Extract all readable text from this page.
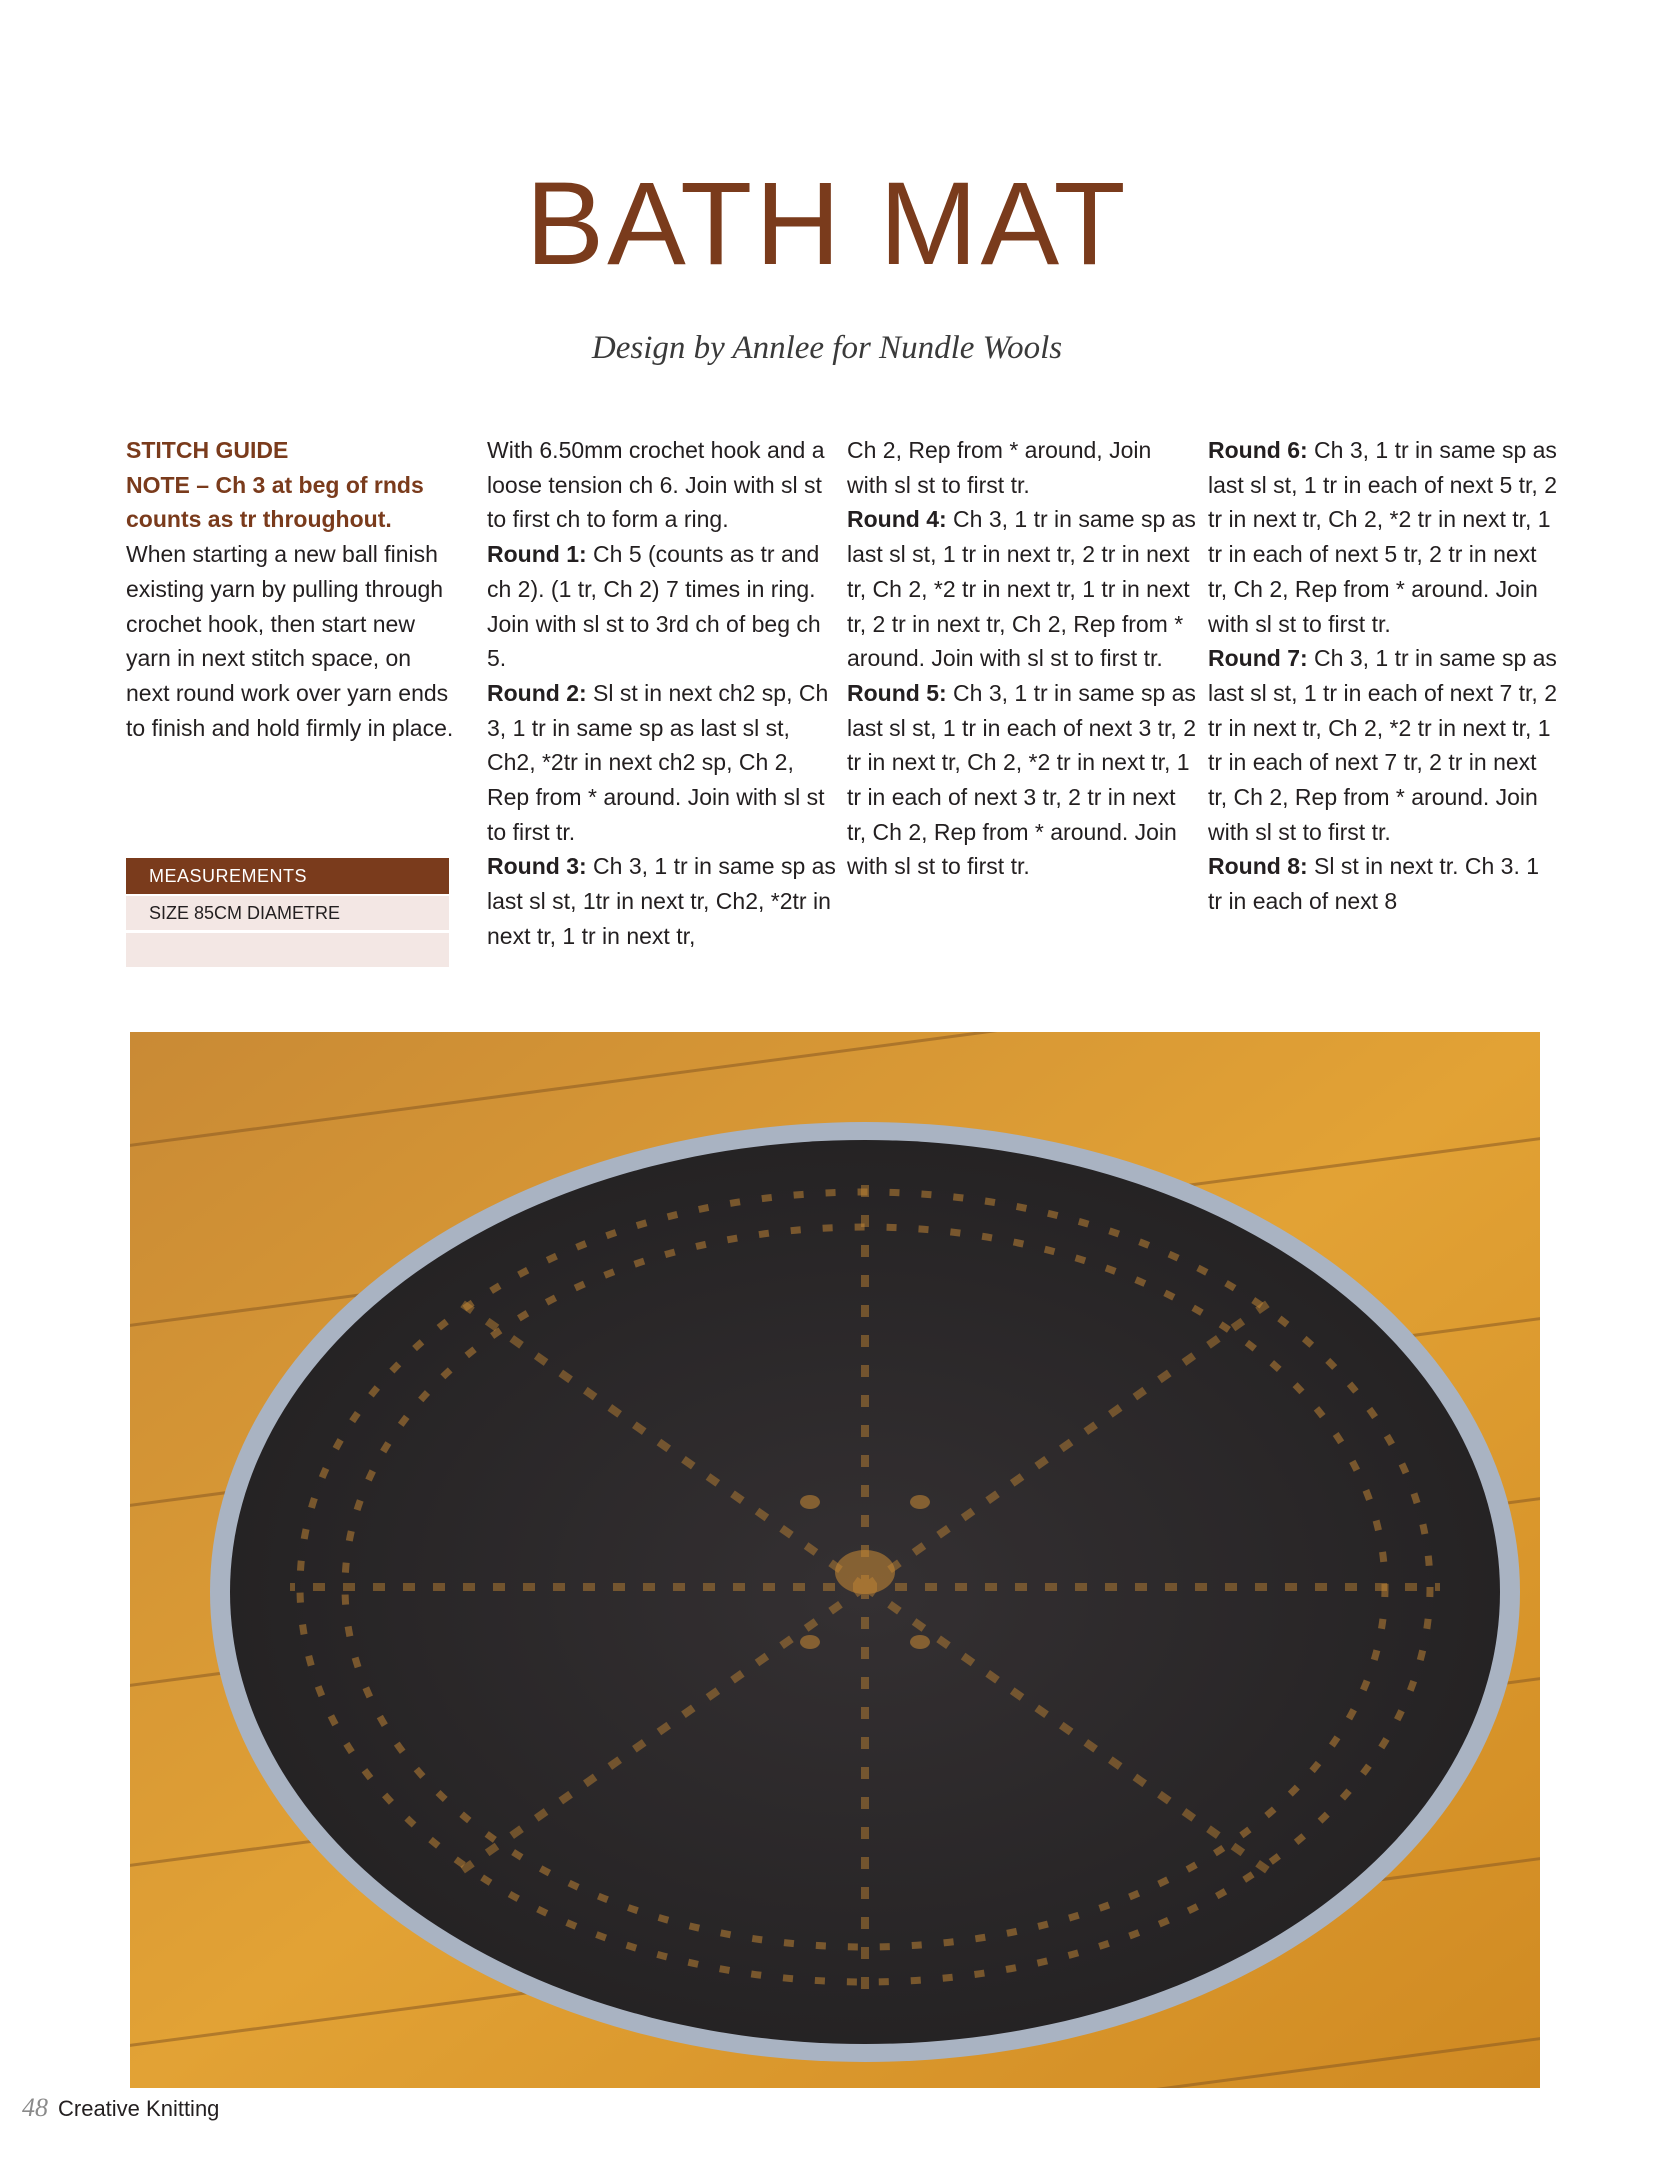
BATH MAT
Design by Annlee for Nundle Wools

STITCH GUIDE

NOTE – Ch 3 at beg of rnds counts as tr throughout.

When starting a new ball finish existing yarn by pulling through crochet hook, then start new yarn in next stitch space, on next round work over yarn ends to finish and hold firmly in place.

MEASUREMENTS
SIZE 85CM DIAMETRE

With 6.50mm crochet hook and a loose tension ch 6. Join with sl st to first ch to form a ring.

Round 1: Ch 5 (counts as tr and ch 2). (1 tr, Ch 2) 7 times in ring. Join with sl st to 3rd ch of beg ch 5.

Round 2: Sl st in next ch2 sp, Ch 3, 1 tr in same sp as last sl st, Ch2, *2tr in next ch2 sp, Ch 2, Rep from * around. Join with sl st to first tr.

Round 3: Ch 3, 1 tr in same sp as last sl st, 1tr in next tr, Ch2, *2tr in next tr, 1 tr in next tr,

Ch 2, Rep from * around, Join with sl st to first tr.

Round 4: Ch 3, 1 tr in same sp as last sl st, 1 tr in next tr, 2 tr in next tr, Ch 2, *2 tr in next tr, 1 tr in next tr, 2 tr in next tr, Ch 2, Rep from * around. Join with sl st to first tr.

Round 5: Ch 3, 1 tr in same sp as last sl st, 1 tr in each of next 3 tr, 2 tr in next tr, Ch 2, *2 tr in next tr, 1 tr in each of next 3 tr, 2 tr in next tr, Ch 2, Rep from * around. Join with sl st to first tr.

Round 6: Ch 3, 1 tr in same sp as last sl st, 1 tr in each of next 5 tr, 2 tr in next tr, Ch 2, *2 tr in next tr, 1 tr in each of next 5 tr, 2 tr in next tr, Ch 2, Rep from * around. Join with sl st to first tr.

Round 7: Ch 3, 1 tr in same sp as last sl st, 1 tr in each of next 7 tr, 2 tr in next tr, Ch 2, *2 tr in next tr, 1 tr in each of next 7 tr, 2 tr in next tr, Ch 2, Rep from * around. Join with sl st to first tr.

Round 8: Sl st in next tr. Ch 3. 1 tr in each of next 8

48 Creative Knitting
